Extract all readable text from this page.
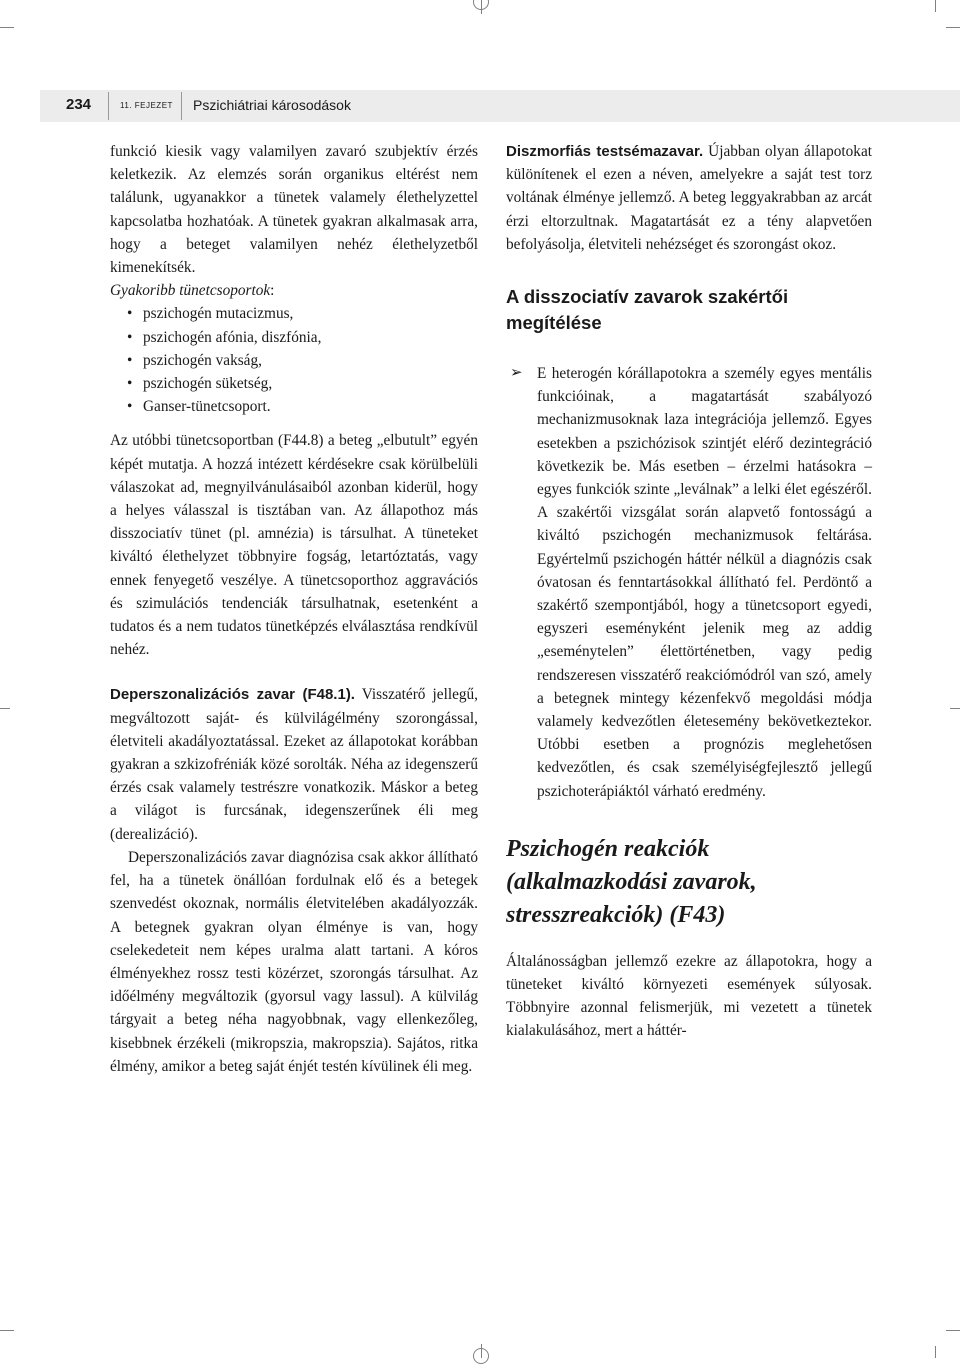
234	11. FEJEZET Pszichiátriai károsodások

funkció kiesik vagy valamilyen zavaró szubjektív érzés keletkezik. Az elemzés során organikus eltérést nem találunk, ugyanakkor a tünetek valamely élethelyzettel kapcsolatba hozhatóak. A tünetek gyakran alkalmasak arra, hogy a beteget valamilyen nehéz élethelyzetből kimenekítsék.

Gyakoribb tünetcsoportok:

• pszichogén mutacizmus,
• pszichogén afónia, diszfónia,
• pszichogén vakság,
• pszichogén süketség,
• Ganser-tünetcsoport.

Az utóbbi tünetcsoportban (F44.8) a beteg „elbutult” egyén képét mutatja. A hozzá intézett kérdésekre csak körülbelüli válaszokat ad, megnyilvánulásaiból azonban kiderül, hogy a helyes válasszal is tisztában van. Az állapothoz más disszociatív tünet (pl. amnézia) is társulhat. A tüneteket kiváltó élethelyzet többnyire fogság, letartóztatás, vagy ennek fenyegető veszélye. A tünetcsoporthoz aggravációs és szimulációs tendenciák társulhatnak, esetenként a tudatos és a nem tudatos tünetképzés elválasztása rendkívül nehéz.

Deperszonalizációs zavar (F48.1). Visszatérő jellegű, megváltozott saját- és külvilágélmény szorongással, életviteli akadályoztatással. Ezeket az állapotokat korábban gyakran a szkizofréniák közé sorolták. Néha az idegenszerű érzés csak valamely testrészre vonatkozik. Máskor a beteg a világot is furcsának, idegenszerűnek éli meg (derealizáció).

Deperszonalizációs zavar diagnózisa csak akkor állítható fel, ha a tünetek önállóan fordulnak elő és a betegek szenvedést okoznak, normális életvitelében akadályozzák. A betegnek gyakran olyan élménye is van, hogy cselekedeteit nem képes uralma alatt tartani. A kóros élményekhez rossz testi közérzet, szorongás társulhat. Az időélmény megváltozik (gyorsul vagy lassul). A külvilág tárgyait a beteg néha nagyobbnak, vagy ellenkezőleg, kisebbnek érzékeli (mikropszia, makropszia). Sajátos, ritka élmény, amikor a beteg saját énjét testén kívülinek éli meg.

Diszmorfiás testsémazavar. Újabban olyan állapotokat különítenek el ezen a néven, amelyekre a saját test torz voltának élménye jellemző. A beteg leggyakrabban az arcát érzi eltorzultnak. Magatartását ez a tény alapvetően befolyásolja, életviteli nehézséget és szorongást okoz.

A disszociatív zavarok szakértői megítélése
➢ E heterogén kórállapotokra a személy egyes mentális funkcióinak, a magatartását szabályozó mechanizmusoknak laza integrációja jellemző. Egyes esetekben a pszichózisok szintjét elérő dezintegráció következik be. Más esetben – érzelmi hatásokra – egyes funkciók szinte „leválnak” a lelki élet egészéről. A szakértői vizsgálat során alapvető fontosságú a kiváltó pszichogén mechanizmusok feltárása. Egyértelmű pszichogén háttér nélkül a diagnózis csak óvatosan és fenntartásokkal állítható fel. Perdöntő a szakértő szempontjából, hogy a tünetcsoport egyedi, egyszeri eseményként jelenik meg az addig „eseménytelen” élettörténetben, vagy pedig rendszeresen visszatérő reakciómódról van szó, amely a betegnek mintegy kézenfekvő megoldási módja valamely kedvezőtlen életesemény bekövetkeztekor. Utóbbi esetben a prognózis meglehetősen kedvezőtlen, és csak személyiségfejlesztő jellegű pszichoterápiáktól várható eredmény.

Pszichogén reakciók (alkalmazkodási zavarok, stresszreakciók) (F43)

Általánosságban jellemző ezekre az állapotokra, hogy a tüneteket kiváltó környezeti események súlyosak. Többnyire azonnal felismerjük, mi vezetett a tünetek kialakulásához, mert a háttér-
